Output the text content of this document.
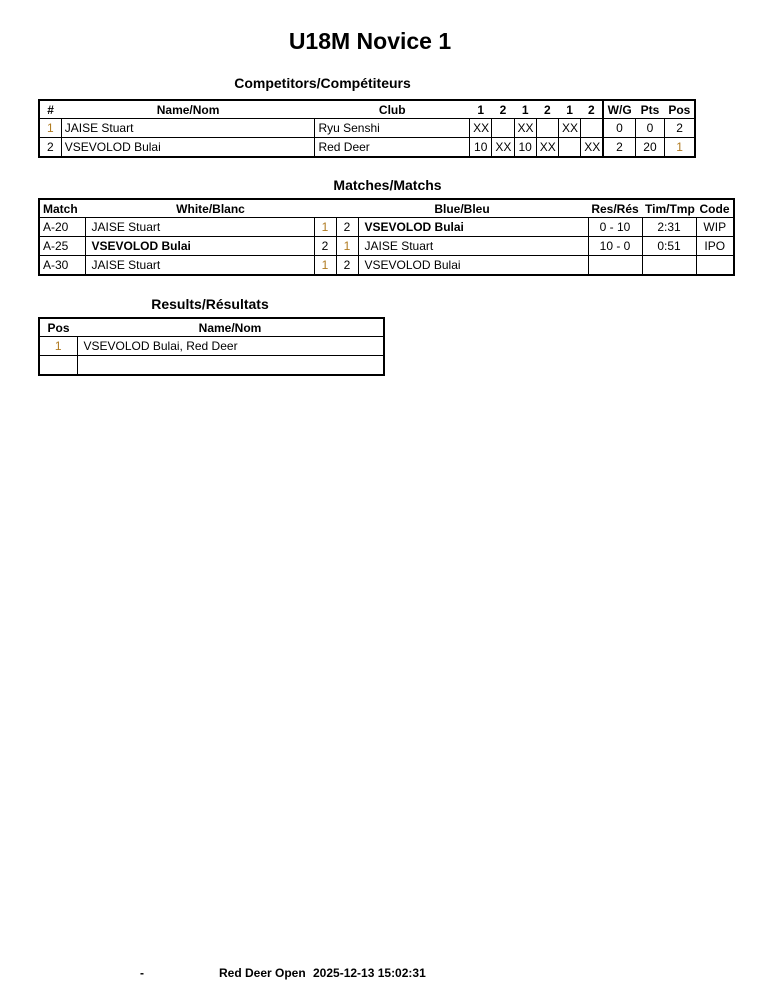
U18M Novice 1
Competitors/Compétiteurs
#	Name/Nom	Club	1	2	1	2	1	2	W/G	Pts	Pos
1	JAISE Stuart	Ryu Senshi	XX		XX		XX		0	0	2
2	VSEVOLOD Bulai	Red Deer	10	XX	10	XX		XX	2	20	1
Matches/Matchs
Match	White/Blanc		Blue/Bleu		Res/Rés	Tim/Tmp	Code
A-20	JAISE Stuart	1	2	VSEVOLOD Bulai	0 - 10	2:31	WIP
A-25	VSEVOLOD Bulai	2	1	JAISE Stuart	10 - 0	0:51	IPO
A-30	JAISE Stuart	1	2	VSEVOLOD Bulai			
Results/Résultats
Pos	Name/Nom
1	VSEVOLOD Bulai, Red Deer

-	Red Deer Open 2025-12-13 15:02:31
